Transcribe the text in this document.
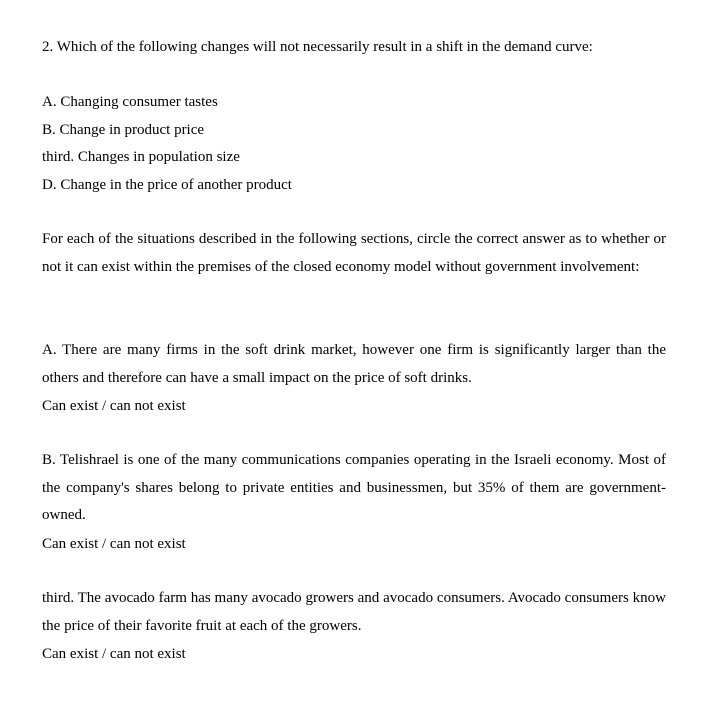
2. Which of the following changes will not necessarily result in a shift in the demand curve:
A. Changing consumer tastes
B. Change in product price
third. Changes in population size
D. Change in the price of another product
For each of the situations described in the following sections, circle the correct answer as to whether or not it can exist within the premises of the closed economy model without government involvement:
A. There are many firms in the soft drink market, however one firm is significantly larger than the others and therefore can have a small impact on the price of soft drinks.
Can exist / can not exist
B. Telishrael is one of the many communications companies operating in the Israeli economy. Most of the company's shares belong to private entities and businessmen, but 35% of them are government-owned.
Can exist / can not exist
third. The avocado farm has many avocado growers and avocado consumers. Avocado consumers know the price of their favorite fruit at each of the growers.
Can exist / can not exist
